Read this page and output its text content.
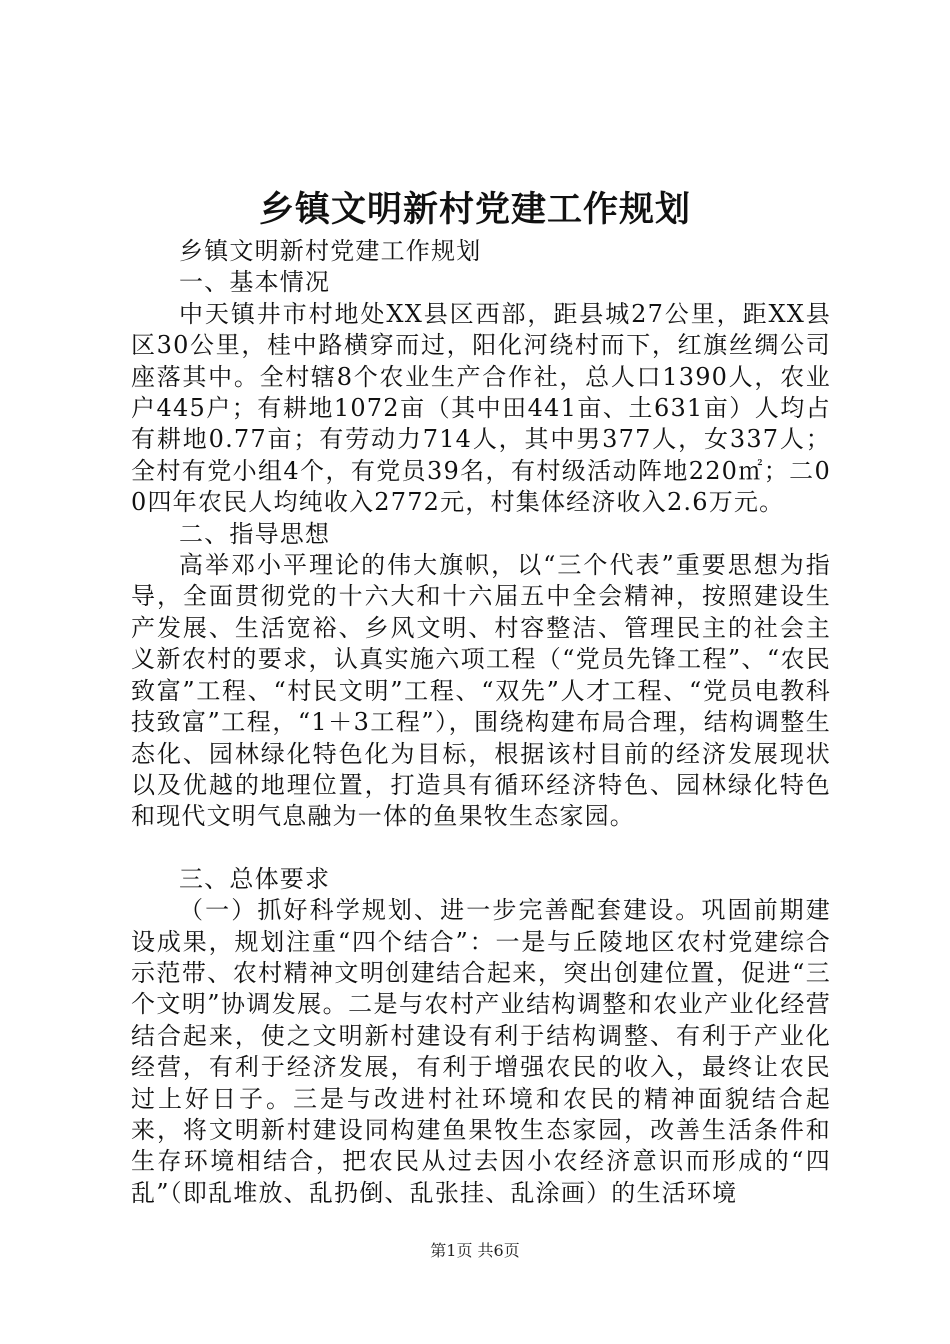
乡镇文明新村党建工作规划

乡镇文明新村党建工作规划

一、基本情况

中天镇井市村地处XX县区西部，距县城27公里，距XX县区30公里，桂中路横穿而过，阳化河绕村而下，红旗丝绸公司座落其中。全村辖8个农业生产合作社，总人口1390人，农业户445户；有耕地1072亩（其中田441亩、土631亩）人均占有耕地0.77亩；有劳动力714人，其中男377人，女337人；全村有党小组4个，有党员39名，有村级活动阵地220㎡；二00四年农民人均纯收入2772元，村集体经济收入2.6万元。

二、指导思想

高举邓小平理论的伟大旗帜，以“三个代表”重要思想为指导，全面贯彻党的十六大和十六届五中全会精神，按照建设生产发展、生活宽裕、乡风文明、村容整洁、管理民主的社会主义新农村的要求，认真实施六项工程（“党员先锋工程”、“农民致富”工程、“村民文明”工程、“双先”人才工程、“党员电教科技致富”工程，“1＋3工程”），围绕构建布局合理，结构调整生态化、园林绿化特色化为目标，根据该村目前的经济发展现状以及优越的地理位置，打造具有循环经济特色、园林绿化特色和现代文明气息融为一体的鱼果牧生态家园。

三、总体要求

（一）抓好科学规划、进一步完善配套建设。巩固前期建设成果，规划注重“四个结合”：一是与丘陵地区农村党建综合示范带、农村精神文明创建结合起来，突出创建位置，促进“三个文明”协调发展。二是与农村产业结构调整和农业产业化经营结合起来，使之文明新村建设有利于结构调整、有利于产业化经营，有利于经济发展，有利于增强农民的收入，最终让农民过上好日子。三是与改进村社环境和农民的精神面貌结合起来，将文明新村建设同构建鱼果牧生态家园，改善生活条件和生存环境相结合，把农民从过去因小农经济意识而形成的“四乱”（即乱堆放、乱扔倒、乱张挂、乱涂画）的生活环境

第1页 共6页
